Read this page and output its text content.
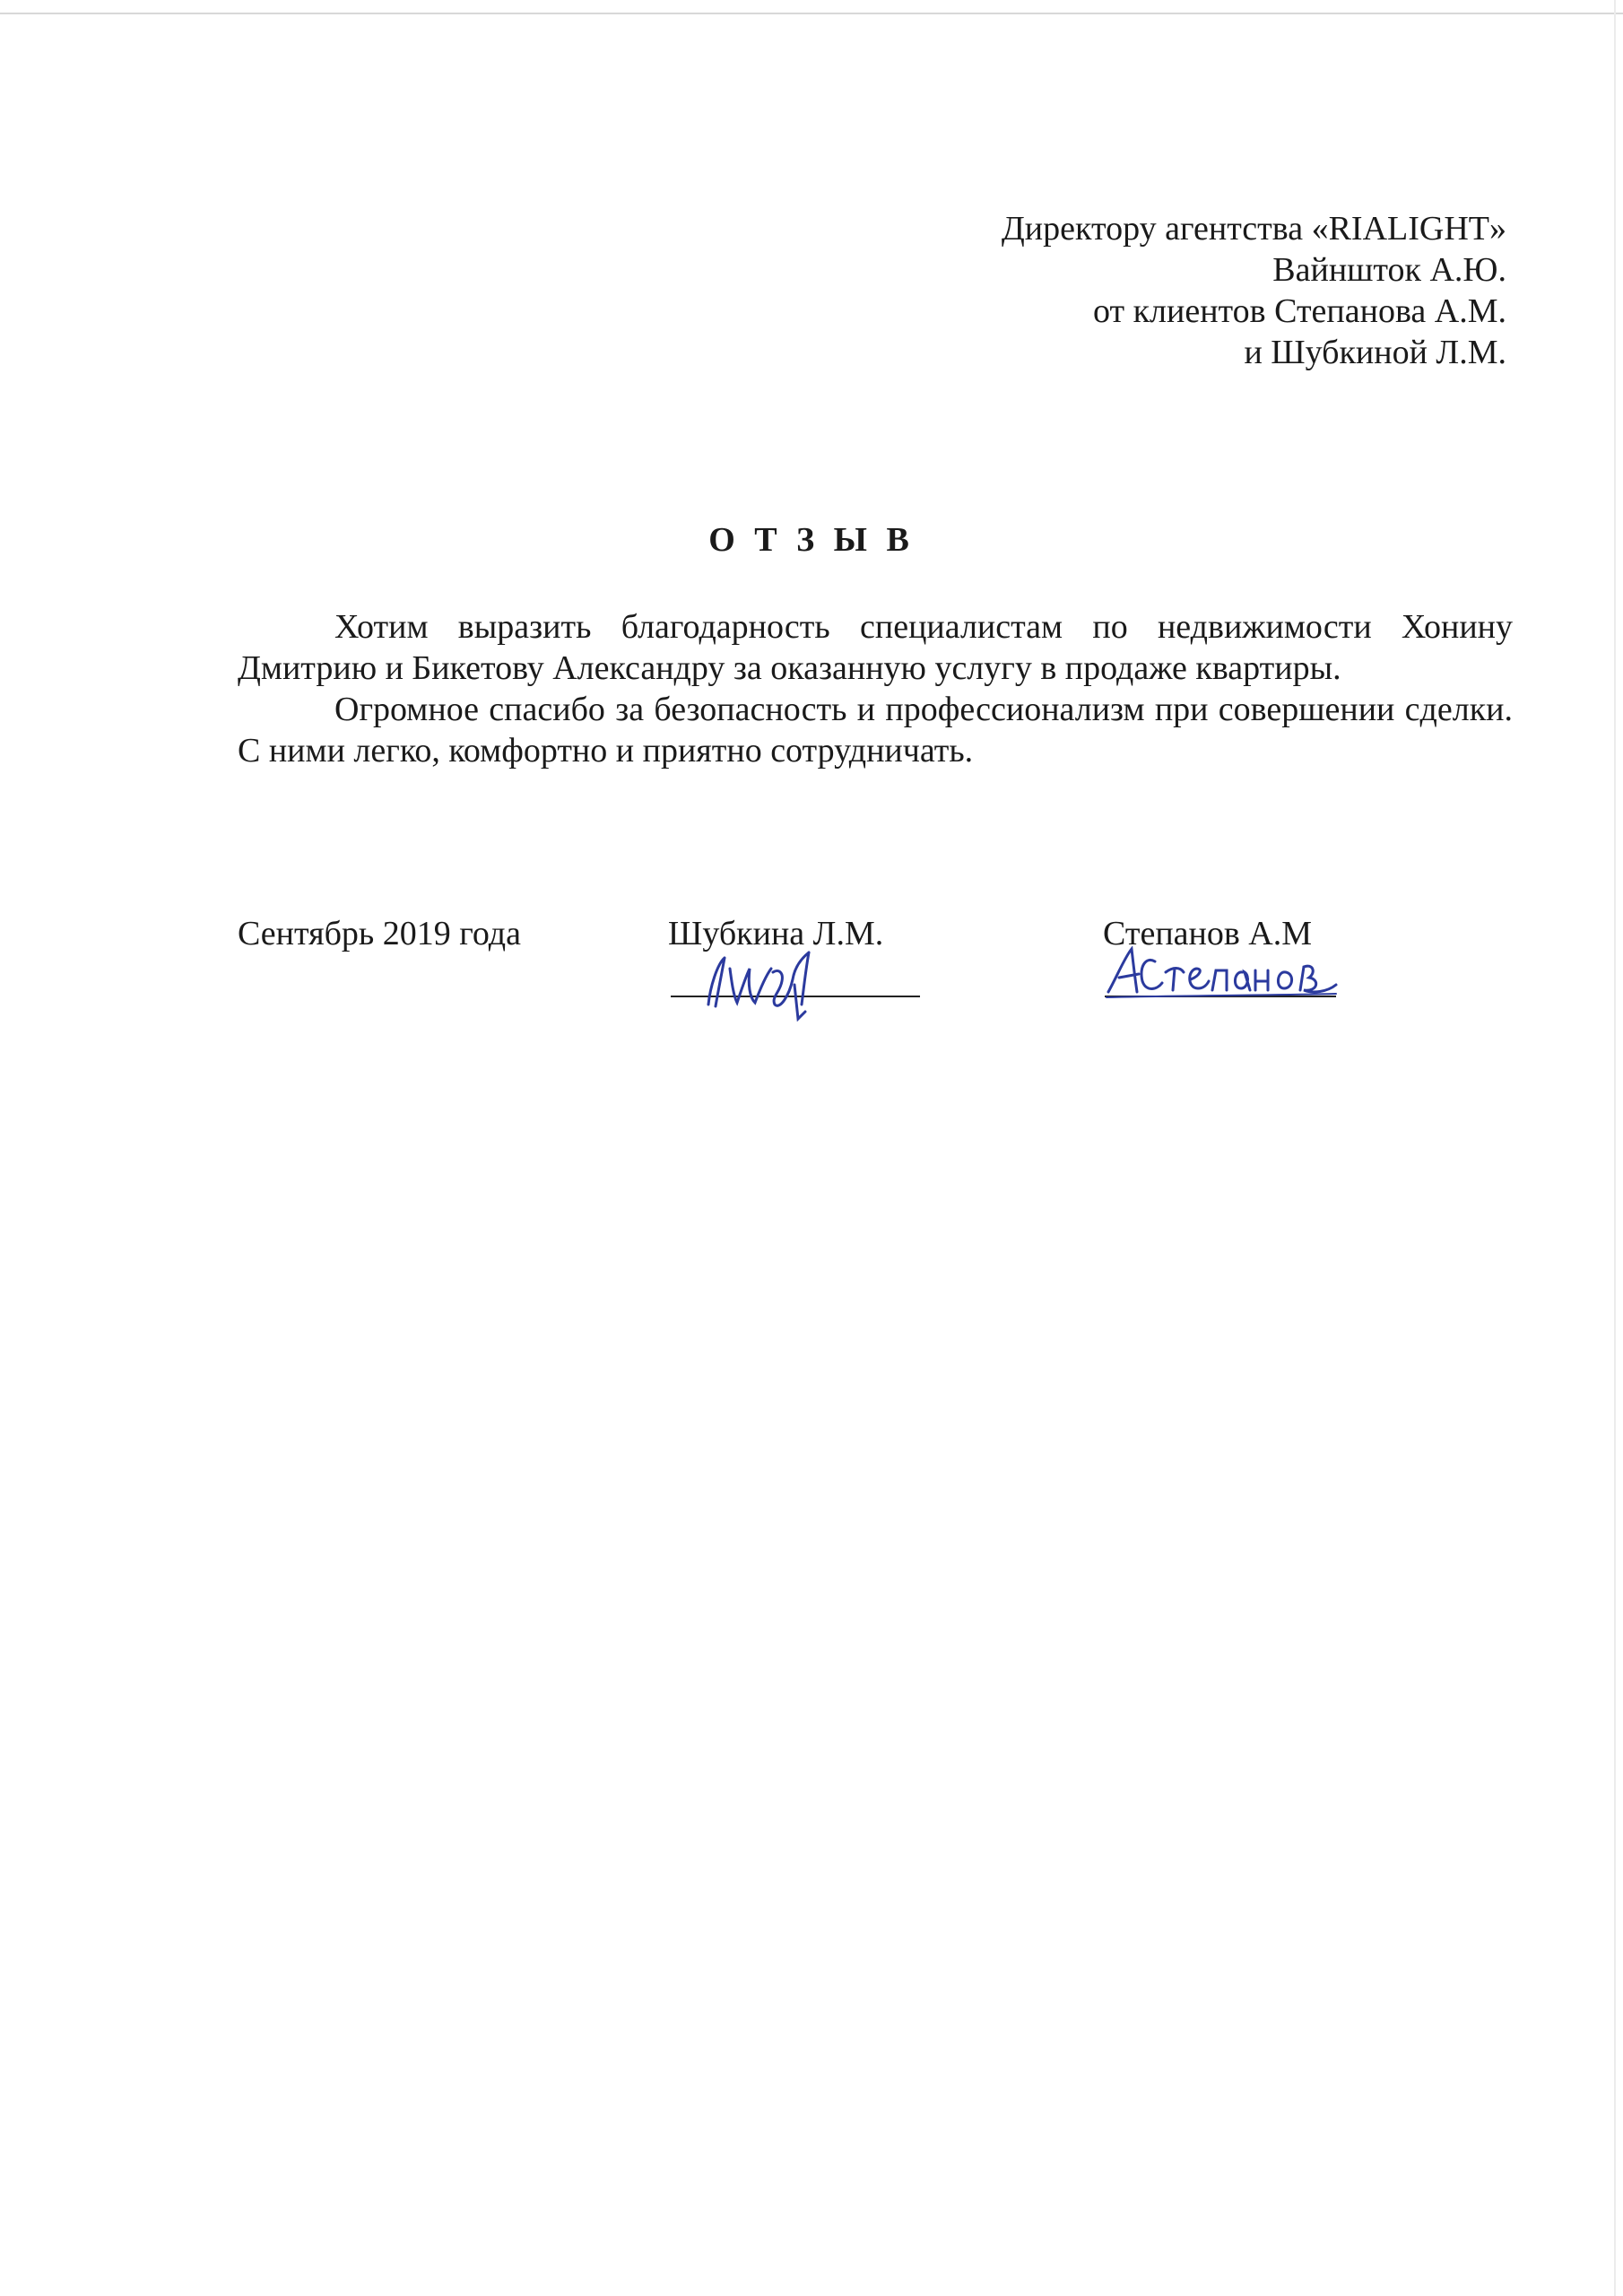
Директору агентства «RIALIGHT»
Вайншток А.Ю.
от клиентов Степанова А.М.
и Шубкиной Л.М.
О Т З Ы В

Хотим выразить благодарность специалистам по недвижимости Хонину Дмитрию и Бикетову Александру за оказанную услугу в продаже квартиры.

Огромное спасибо за безопасность и профессионализм при совершении сделки. С ними легко, комфортно и приятно сотрудничать.

Сентябрь 2019 года	Шубкина Л.М.	Степанов А.М
